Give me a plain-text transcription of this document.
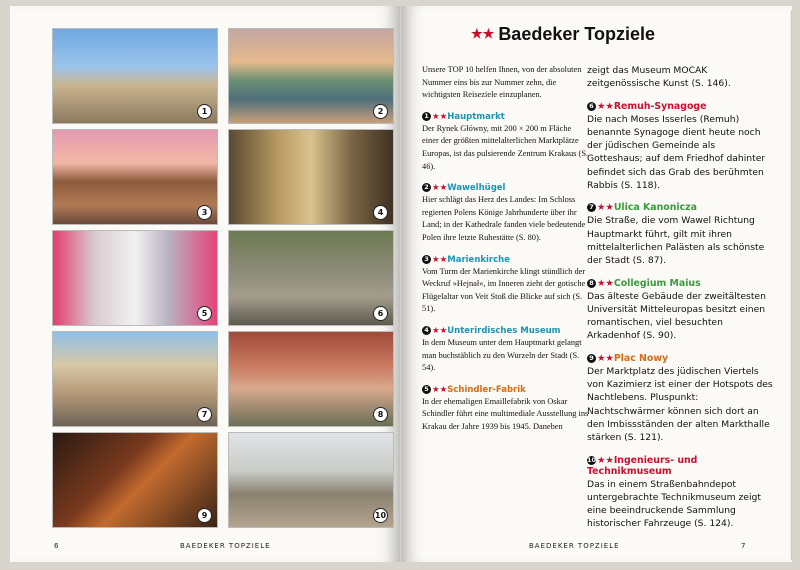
1	2
3	4
5	6
7	8
9	10
6	BAEDEKER TOPZIELE
★★ Baedeker Topziele

Unsere TOP 10 helfen Ihnen, von der absoluten Nummer eins bis zur Nummer zehn, die wichtigsten Reiseziele einzuplanen.

1 ★★Hauptmarkt
Der Rynek Główny, mit 200 × 200 m Fläche einer der größten mittelalterlichen Marktplätze Europas, ist das pulsierende Zentrum Krakaus (S. 46).
2 ★★Wawelhügel
Hier schlägt das Herz des Landes: Im Schloss regierten Polens Könige Jahrhunderte über ihr Land; in der Kathedrale fanden viele bedeutende Polen ihre letzte Ruhestätte (S. 80).
3 ★★Marienkirche
Vom Turm der Marienkirche klingt stündlich der Weckruf »Hejnał«, im Inneren zieht der gotische Flügelaltar von Veit Stoß die Blicke auf sich (S. 51).
4 ★★Unterirdisches Museum
In dem Museum unter dem Hauptmarkt gelangt man buchstäblich zu den Wurzeln der Stadt (S. 54).
5 ★★Schindler-Fabrik
In der ehemaligen Emaillefabrik von Oskar Schindler führt eine multimediale Ausstellung ins Krakau der Jahre 1939 bis 1945. Daneben

zeigt das Museum MOCAK zeitgenössische Kunst (S. 146).

6 ★★Remuh-Synagoge
Die nach Moses Isserles (Remuh) benannte Synagoge dient heute noch der jüdischen Gemeinde als Gotteshaus; auf dem Friedhof dahinter befindet sich das Grab des berühmten Rabbis (S. 118).
7 ★★Ulica Kanonicza
Die Straße, die vom Wawel Richtung Hauptmarkt führt, gilt mit ihren mittelalterlichen Palästen als schönste der Stadt (S. 87).
8 ★★Collegium Maius
Das älteste Gebäude der zweitältesten Universität Mitteleuropas besitzt einen romantischen, viel besuchten Arkadenhof (S. 90).
9 ★★Plac Nowy
Der Marktplatz des jüdischen Viertels von Kazimierz ist einer der Hotspots des Nachtlebens. Pluspunkt: Nachtschwärmer können sich dort an den Imbissständen der alten Markthalle stärken (S. 121).
10★★Ingenieurs- und Technikmuseum
Das in einem Straßenbahndepot untergebrachte Technikmuseum zeigt eine beeindruckende Sammlung historischer Fahrzeuge (S. 124).
BAEDEKER TOPZIELE	7
